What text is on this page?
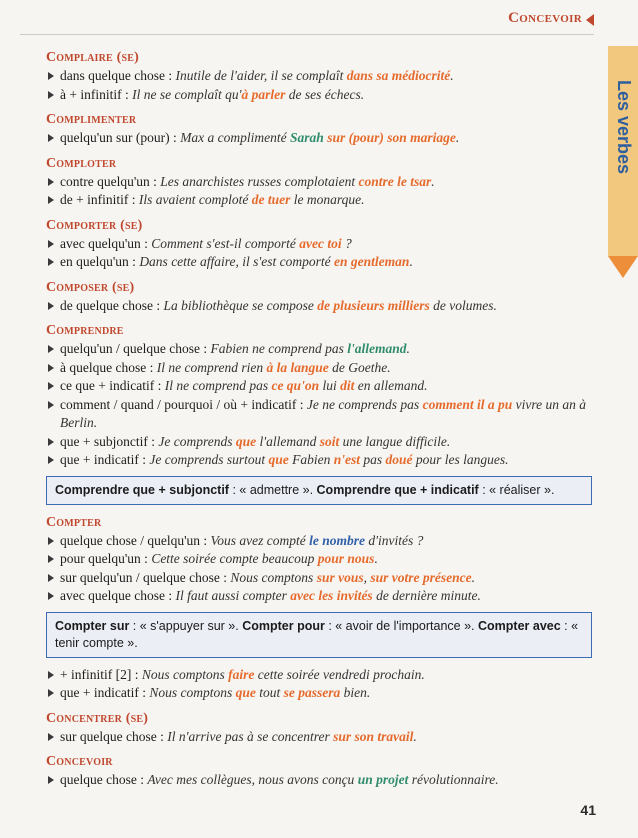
Concevoir
Les verbes
Complaire (se)
dans quelque chose : Inutile de l'aider, il se complaît dans sa médiocrité.
à + infinitif : Il ne se complaît qu'à parler de ses échecs.
Complimenter
quelqu'un sur (pour) : Max a complimenté Sarah sur (pour) son mariage.
Comploter
contre quelqu'un : Les anarchistes russes complotaient contre le tsar.
de + infinitif : Ils avaient comploté de tuer le monarque.
Comporter (se)
avec quelqu'un : Comment s'est-il comporté avec toi ?
en quelqu'un : Dans cette affaire, il s'est comporté en gentleman.
Composer (se)
de quelque chose : La bibliothèque se compose de plusieurs milliers de volumes.
Comprendre
quelqu'un / quelque chose : Fabien ne comprend pas l'allemand.
à quelque chose : Il ne comprend rien à la langue de Goethe.
ce que + indicatif : Il ne comprend pas ce qu'on lui dit en allemand.
comment / quand / pourquoi / où + indicatif : Je ne comprends pas comment il a pu vivre un an à Berlin.
que + subjonctif : Je comprends que l'allemand soit une langue difficile.
que + indicatif : Je comprends surtout que Fabien n'est pas doué pour les langues.
Comprendre que + subjonctif : « admettre ». Comprendre que + indicatif : « réaliser ».
Compter
quelque chose / quelqu'un : Vous avez compté le nombre d'invités ?
pour quelqu'un : Cette soirée compte beaucoup pour nous.
sur quelqu'un / quelque chose : Nous comptons sur vous, sur votre présence.
avec quelque chose : Il faut aussi compter avec les invités de dernière minute.
Compter sur : « s'appuyer sur ». Compter pour : « avoir de l'importance ». Compter avec : « tenir compte ».
+ infinitif [2] : Nous comptons faire cette soirée vendredi prochain.
que + indicatif : Nous comptons que tout se passera bien.
Concentrer (se)
sur quelque chose : Il n'arrive pas à se concentrer sur son travail.
Concevoir
quelque chose : Avec mes collègues, nous avons conçu un projet révolutionnaire.
41
